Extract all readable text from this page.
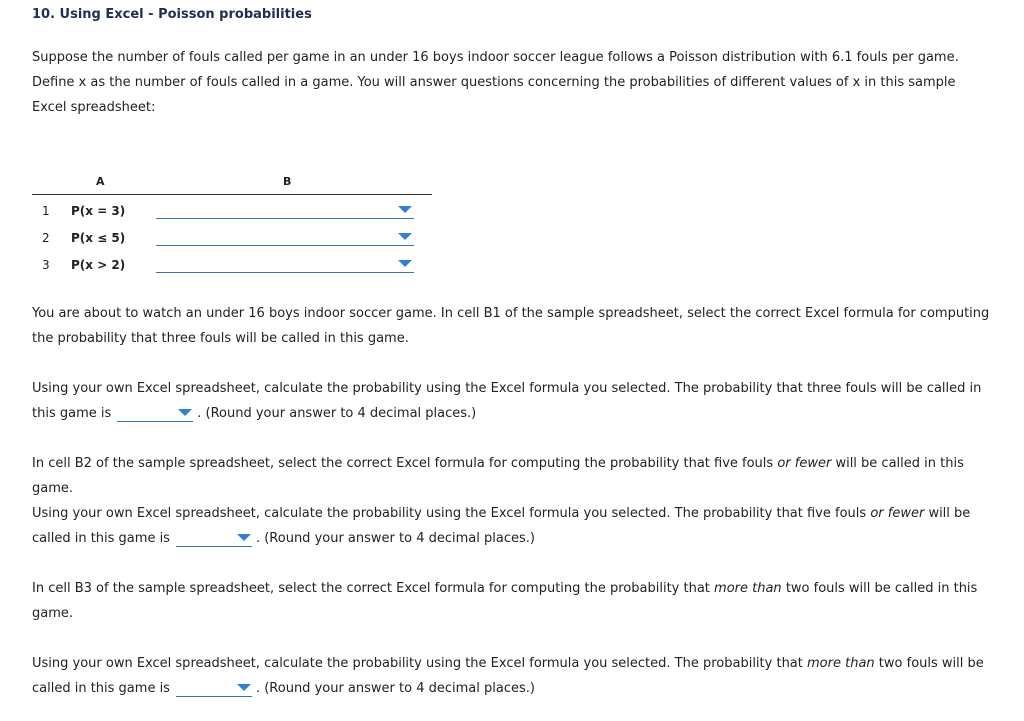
10. Using Excel - Poisson probabilities
Suppose the number of fouls called per game in an under 16 boys indoor soccer league follows a Poisson distribution with 6.1 fouls per game. Define x as the number of fouls called in a game. You will answer questions concerning the probabilities of different values of x in this sample Excel spreadsheet:
A	B
1 P(x = 3)
2 P(x ≤ 5)
3 P(x > 2)
You are about to watch an under 16 boys indoor soccer game. In cell B1 of the sample spreadsheet, select the correct Excel formula for computing the probability that three fouls will be called in this game.
Using your own Excel spreadsheet, calculate the probability using the Excel formula you selected. The probability that three fouls will be called in this game is	. (Round your answer to 4 decimal places.)
In cell B2 of the sample spreadsheet, select the correct Excel formula for computing the probability that five fouls or fewer will be called in this game.
Using your own Excel spreadsheet, calculate the probability using the Excel formula you selected. The probability that five fouls or fewer will be called in this game is	. (Round your answer to 4 decimal places.)
In cell B3 of the sample spreadsheet, select the correct Excel formula for computing the probability that more than two fouls will be called in this game.
Using your own Excel spreadsheet, calculate the probability using the Excel formula you selected. The probability that more than two fouls will be called in this game is	. (Round your answer to 4 decimal places.)
